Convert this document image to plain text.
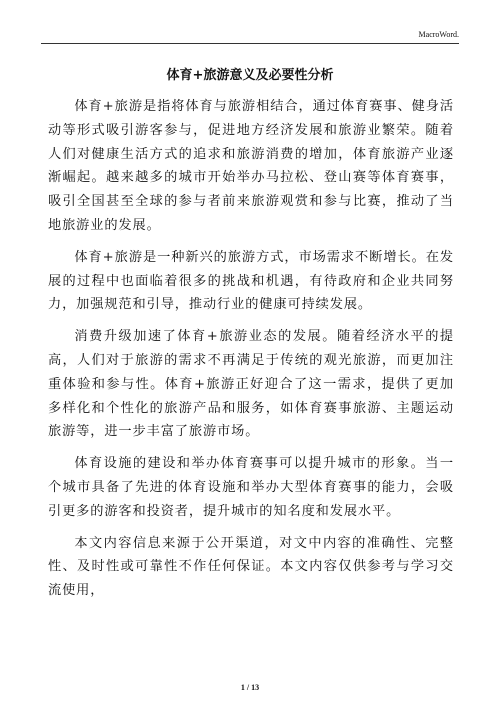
MacroWord.
体育+旅游意义及必要性分析

体育+旅游是指将体育与旅游相结合，通过体育赛事、健身活动等形式吸引游客参与，促进地方经济发展和旅游业繁荣。随着人们对健康生活方式的追求和旅游消费的增加，体育旅游产业逐渐崛起。越来越多的城市开始举办马拉松、登山赛等体育赛事，吸引全国甚至全球的参与者前来旅游观赏和参与比赛，推动了当地旅游业的发展。

体育+旅游是一种新兴的旅游方式，市场需求不断增长。在发展的过程中也面临着很多的挑战和机遇，有待政府和企业共同努力，加强规范和引导，推动行业的健康可持续发展。

消费升级加速了体育+旅游业态的发展。随着经济水平的提高，人们对于旅游的需求不再满足于传统的观光旅游，而更加注重体验和参与性。体育+旅游正好迎合了这一需求，提供了更加多样化和个性化的旅游产品和服务，如体育赛事旅游、主题运动旅游等，进一步丰富了旅游市场。

体育设施的建设和举办体育赛事可以提升城市的形象。当一个城市具备了先进的体育设施和举办大型体育赛事的能力，会吸引更多的游客和投资者，提升城市的知名度和发展水平。

本文内容信息来源于公开渠道，对文中内容的准确性、完整性、及时性或可靠性不作任何保证。本文内容仅供参考与学习交流使用，

1 / 13
